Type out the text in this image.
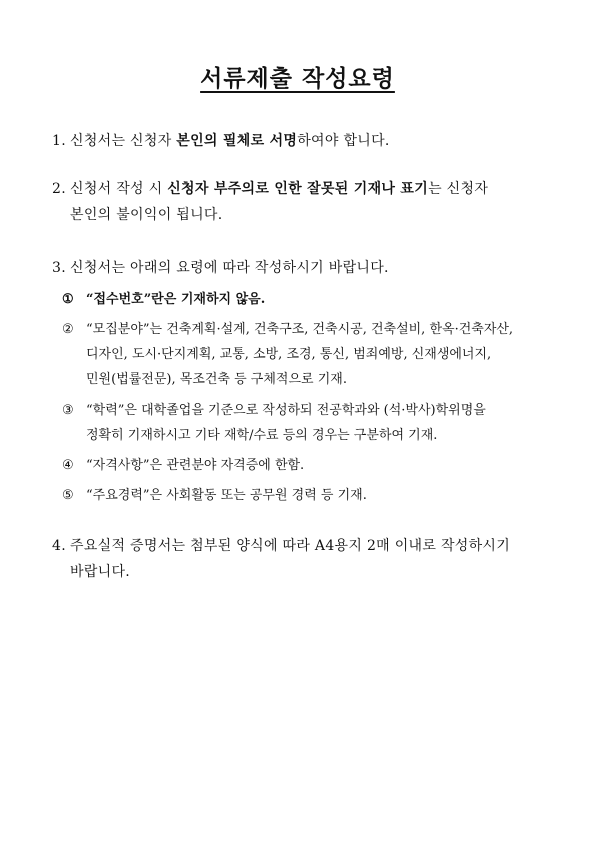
서류제출 작성요령
1. 신청서는 신청자 본인의 필체로 서명하여야 합니다.
2. 신청서 작성 시 신청자 부주의로 인한 잘못된 기재나 표기는 신청자
본인의 불이익이 됩니다.
3. 신청서는 아래의 요령에 따라 작성하시기 바랍니다.
① “접수번호”란은 기재하지 않음.
② “모집분야”는 건축계획·설계, 건축구조, 건축시공, 건축설비, 한옥·건축자산,
디자인, 도시·단지계획, 교통, 소방, 조경, 통신, 범죄예방, 신재생에너지,
민원(법률전문), 목조건축 등 구체적으로 기재.
③ “학력”은 대학졸업을 기준으로 작성하되 전공학과와 (석·박사)학위명을
정확히 기재하시고 기타 재학/수료 등의 경우는 구분하여 기재.
④ “자격사항”은 관련분야 자격증에 한함.
⑤ “주요경력”은 사회활동 또는 공무원 경력 등 기재.
4. 주요실적 증명서는 첨부된 양식에 따라 A4용지 2매 이내로 작성하시기
바랍니다.
